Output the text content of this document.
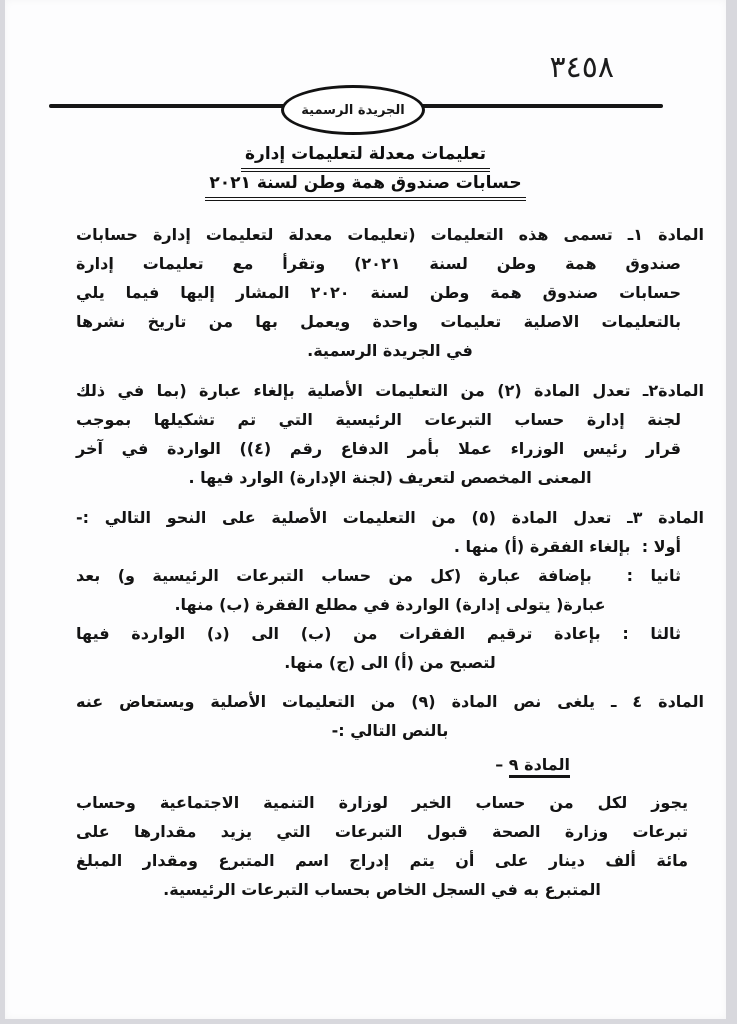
٣٤٥٨
الجريدة الرسمية
تعليمات معدلة لتعليمات إدارة
حسابات صندوق همة وطن لسنة ٢٠٢١
المادة ١ـ تسمى هذه التعليمات (تعليمات معدلة لتعليمات إدارة حسابات
صندوق همة وطن لسنة ٢٠٢١) وتقرأ مع تعليمات إدارة
حسابات صندوق همة وطن لسنة ٢٠٢٠ المشار إليها فيما يلي
بالتعليمات الاصلية تعليمات واحدة ويعمل بها من تاريخ نشرها
في الجريدة الرسمية.
المادة٢ـ تعدل المادة (٢) من التعليمات الأصلية بإلغاء عبارة (بما في ذلك
لجنة إدارة حساب التبرعات الرئيسية التي تم تشكيلها بموجب
قرار رئيس الوزراء عملا بأمر الدفاع رقم (٤)) الواردة في آخر
المعنى المخصص لتعريف (لجنة الإدارة) الوارد فيها .
المادة ٣ـ تعدل المادة (٥) من التعليمات الأصلية على النحو التالي :-
أولا :  بإلغاء الفقرة (أ) منها .
ثانيا :  بإضافة عبارة (كل من حساب التبرعات الرئيسية و) بعد
عبارة( يتولى إدارة) الواردة في مطلع الفقرة (ب) منها.
ثالثا : بإعادة ترقيم الفقرات من (ب) الى (د) الواردة فيها
لتصبح من (أ) الى (ج) منها.
المادة ٤ ـ يلغى نص المادة (٩) من التعليمات الأصلية ويستعاض عنه
بالنص التالي :-
المادة ٩ –
يجوز لكل من حساب الخير لوزارة التنمية الاجتماعية وحساب
تبرعات وزارة الصحة قبول التبرعات التي يزيد مقدارها على
مائة ألف دينار على أن يتم إدراج اسم المتبرع ومقدار المبلغ
المتبرع به في السجل الخاص بحساب التبرعات الرئيسية.
